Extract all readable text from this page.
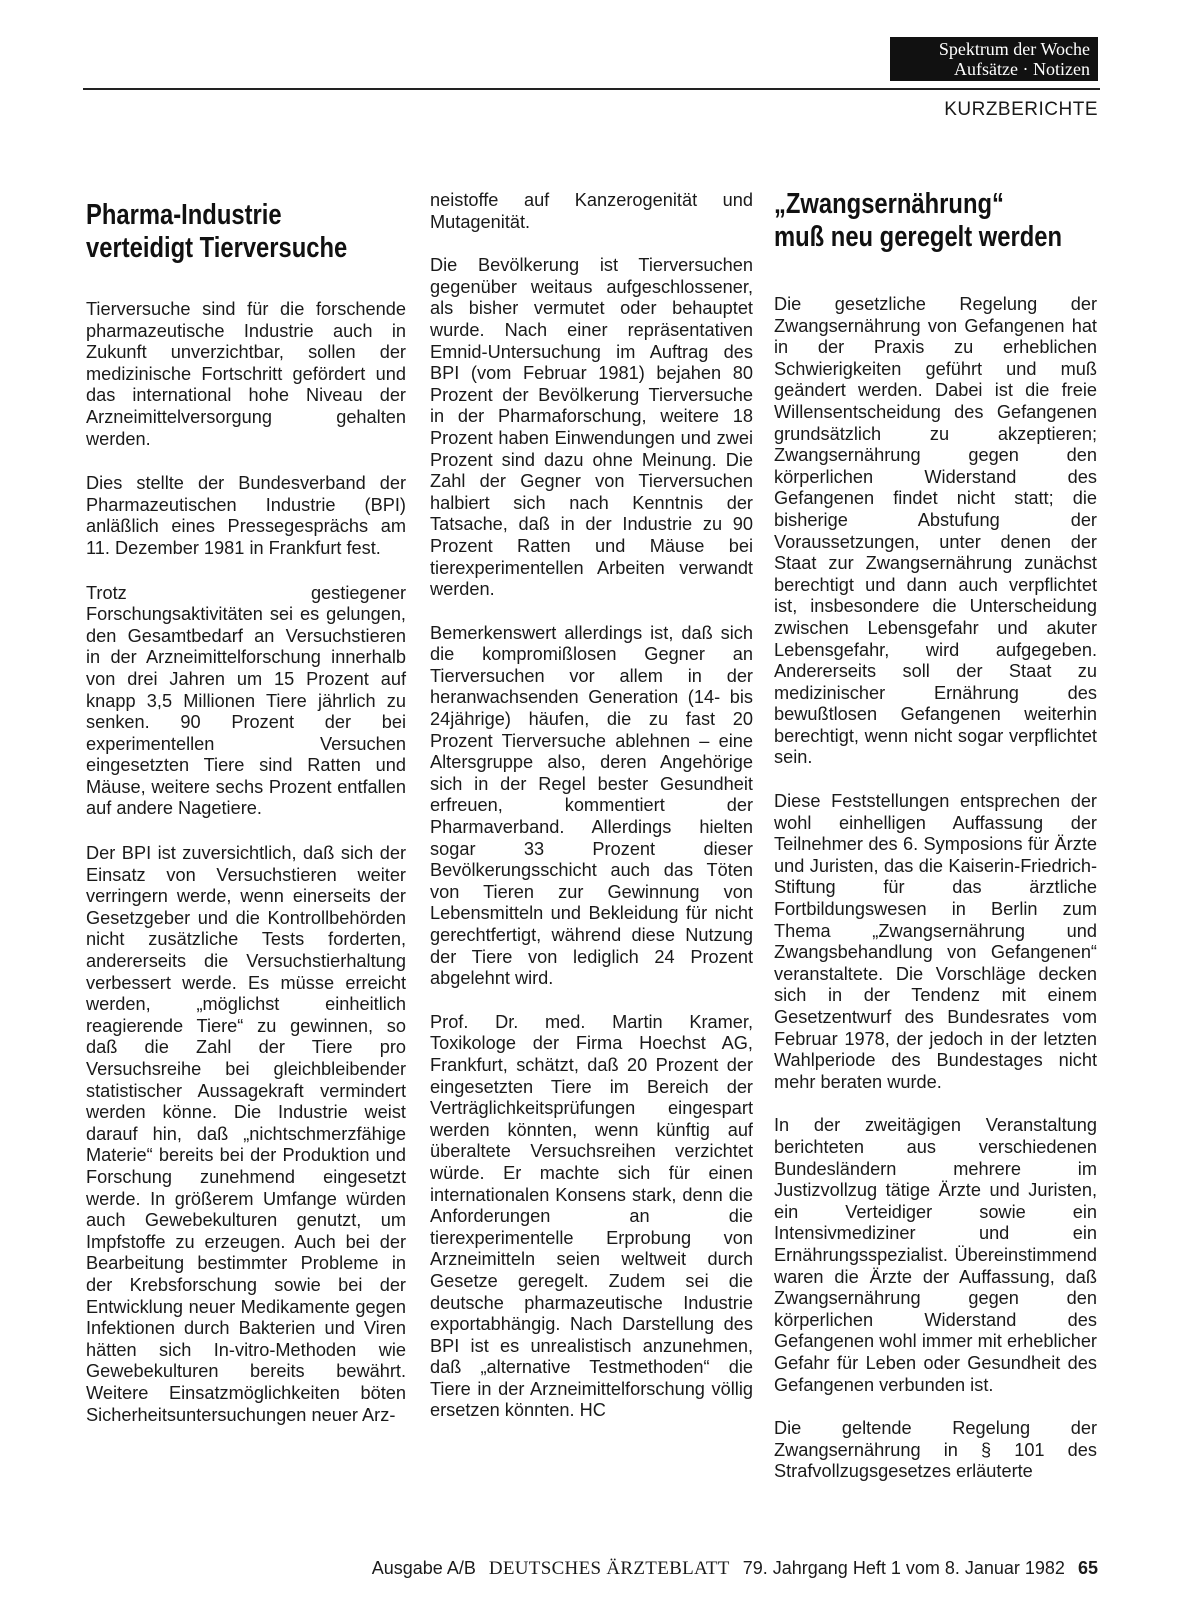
Spektrum der Woche
Aufsätze · Notizen
KURZBERICHTE
Pharma-Industrie
verteidigt Tierversuche

Tierversuche sind für die forschende pharmazeutische Industrie auch in Zukunft unverzichtbar, sollen der medizinische Fortschritt gefördert und das international hohe Niveau der Arzneimittelversorgung gehalten werden.

Dies stellte der Bundesverband der Pharmazeutischen Industrie (BPI) anläßlich eines Pressegesprächs am 11. Dezember 1981 in Frankfurt fest.

Trotz gestiegener Forschungsaktivitäten sei es gelungen, den Gesamtbedarf an Versuchstieren in der Arzneimittelforschung innerhalb von drei Jahren um 15 Prozent auf knapp 3,5 Millionen Tiere jährlich zu senken. 90 Prozent der bei experimentellen Versuchen eingesetzten Tiere sind Ratten und Mäuse, weitere sechs Prozent entfallen auf andere Nagetiere.

Der BPI ist zuversichtlich, daß sich der Einsatz von Versuchstieren weiter verringern werde, wenn einerseits der Gesetzgeber und die Kontrollbehörden nicht zusätzliche Tests forderten, andererseits die Versuchstierhaltung verbessert werde. Es müsse erreicht werden, „möglichst einheitlich reagierende Tiere“ zu gewinnen, so daß die Zahl der Tiere pro Versuchsreihe bei gleichbleibender statistischer Aussagekraft vermindert werden könne. Die Industrie weist darauf hin, daß „nichtschmerzfähige Materie“ bereits bei der Produktion und Forschung zunehmend eingesetzt werde. In größerem Umfange würden auch Gewebekulturen genutzt, um Impfstoffe zu erzeugen. Auch bei der Bearbeitung bestimmter Probleme in der Krebsforschung sowie bei der Entwicklung neuer Medikamente gegen Infektionen durch Bakterien und Viren hätten sich In-vitro-Methoden wie Gewebekulturen bereits bewährt. Weitere Einsatzmöglichkeiten böten Sicherheitsuntersuchungen neuer Arz-

neistoffe auf Kanzerogenität und Mutagenität.

Die Bevölkerung ist Tierversuchen gegenüber weitaus aufgeschlossener, als bisher vermutet oder behauptet wurde. Nach einer repräsentativen Emnid-Untersuchung im Auftrag des BPI (vom Februar 1981) bejahen 80 Prozent der Bevölkerung Tierversuche in der Pharmaforschung, weitere 18 Prozent haben Einwendungen und zwei Prozent sind dazu ohne Meinung. Die Zahl der Gegner von Tierversuchen halbiert sich nach Kenntnis der Tatsache, daß in der Industrie zu 90 Prozent Ratten und Mäuse bei tierexperimentellen Arbeiten verwandt werden.

Bemerkenswert allerdings ist, daß sich die kompromißlosen Gegner an Tierversuchen vor allem in der heranwachsenden Generation (14- bis 24jährige) häufen, die zu fast 20 Prozent Tierversuche ablehnen – eine Altersgruppe also, deren Angehörige sich in der Regel bester Gesundheit erfreuen, kommentiert der Pharmaverband. Allerdings hielten sogar 33 Prozent dieser Bevölkerungsschicht auch das Töten von Tieren zur Gewinnung von Lebensmitteln und Bekleidung für nicht gerechtfertigt, während diese Nutzung der Tiere von lediglich 24 Prozent abgelehnt wird.

Prof. Dr. med. Martin Kramer, Toxikologe der Firma Hoechst AG, Frankfurt, schätzt, daß 20 Prozent der eingesetzten Tiere im Bereich der Verträglichkeitsprüfungen eingespart werden könnten, wenn künftig auf überaltete Versuchsreihen verzichtet würde. Er machte sich für einen internationalen Konsens stark, denn die Anforderungen an die tierexperimentelle Erprobung von Arzneimitteln seien weltweit durch Gesetze geregelt. Zudem sei die deutsche pharmazeutische Industrie exportabhängig. Nach Darstellung des BPI ist es unrealistisch anzunehmen, daß „alternative Testmethoden“ die Tiere in der Arzneimittelforschung völlig ersetzen könnten. HC

„Zwangsernährung“
muß neu geregelt werden

Die gesetzliche Regelung der Zwangsernährung von Gefangenen hat in der Praxis zu erheblichen Schwierigkeiten geführt und muß geändert werden. Dabei ist die freie Willensentscheidung des Gefangenen grundsätzlich zu akzeptieren; Zwangsernährung gegen den körperlichen Widerstand des Gefangenen findet nicht statt; die bisherige Abstufung der Voraussetzungen, unter denen der Staat zur Zwangsernährung zunächst berechtigt und dann auch verpflichtet ist, insbesondere die Unterscheidung zwischen Lebensgefahr und akuter Lebensgefahr, wird aufgegeben. Andererseits soll der Staat zu medizinischer Ernährung des bewußtlosen Gefangenen weiterhin berechtigt, wenn nicht sogar verpflichtet sein.

Diese Feststellungen entsprechen der wohl einhelligen Auffassung der Teilnehmer des 6. Symposions für Ärzte und Juristen, das die Kaiserin-Friedrich-Stiftung für das ärztliche Fortbildungswesen in Berlin zum Thema „Zwangsernährung und Zwangsbehandlung von Gefangenen“ veranstaltete. Die Vorschläge decken sich in der Tendenz mit einem Gesetzentwurf des Bundesrates vom Februar 1978, der jedoch in der letzten Wahlperiode des Bundestages nicht mehr beraten wurde.

In der zweitägigen Veranstaltung berichteten aus verschiedenen Bundesländern mehrere im Justizvollzug tätige Ärzte und Juristen, ein Verteidiger sowie ein Intensivmediziner und ein Ernährungsspezialist. Übereinstimmend waren die Ärzte der Auffassung, daß Zwangsernährung gegen den körperlichen Widerstand des Gefangenen wohl immer mit erheblicher Gefahr für Leben oder Gesundheit des Gefangenen verbunden ist.

Die geltende Regelung der Zwangsernährung in § 101 des Strafvollzugsgesetzes erläuterte

Ausgabe A/B DEUTSCHES ÄRZTEBLATT 79. Jahrgang Heft 1 vom 8. Januar 1982 65
